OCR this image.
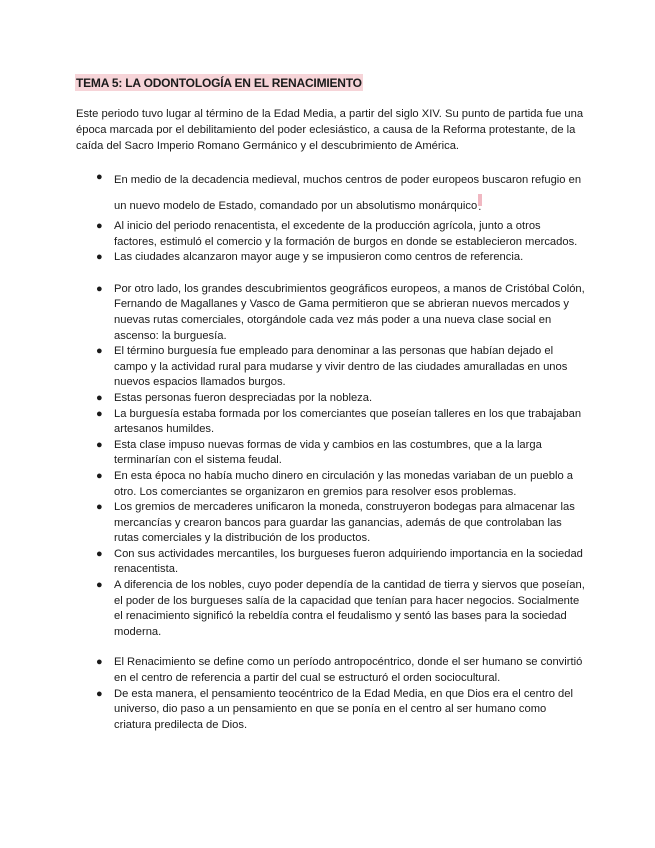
TEMA 5: LA ODONTOLOGÍA EN EL RENACIMIENTO

Este periodo tuvo lugar al término de la Edad Media, a partir del siglo XIV. Su punto de partida fue una época marcada por el debilitamiento del poder eclesiástico, a causa de la Reforma protestante, de la caída del Sacro Imperio Romano Germánico y el descubrimiento de América.

● En medio de la decadencia medieval, muchos centros de poder europeos buscaron refugio en un nuevo modelo de Estado, comandado por un absolutismo monárquico.
● Al inicio del periodo renacentista, el excedente de la producción agrícola, junto a otros factores, estimuló el comercio y la formación de burgos en donde se establecieron mercados.
● Las ciudades alcanzaron mayor auge y se impusieron como centros de referencia.
● Por otro lado, los grandes descubrimientos geográficos europeos, a manos de Cristóbal Colón, Fernando de Magallanes y Vasco de Gama permitieron que se abrieran nuevos mercados y nuevas rutas comerciales, otorgándole cada vez más poder a una nueva clase social en ascenso: la burguesía.
● El término burguesía fue empleado para denominar a las personas que habían dejado el campo y la actividad rural para mudarse y vivir dentro de las ciudades amuralladas en unos nuevos espacios llamados burgos.
● Estas personas fueron despreciadas por la nobleza.
● La burguesía estaba formada por los comerciantes que poseían talleres en los que trabajaban artesanos humildes.
● Esta clase impuso nuevas formas de vida y cambios en las costumbres, que a la larga terminarían con el sistema feudal.
● En esta época no había mucho dinero en circulación y las monedas variaban de un pueblo a otro. Los comerciantes se organizaron en gremios para resolver esos problemas.
● Los gremios de mercaderes unificaron la moneda, construyeron bodegas para almacenar las mercancías y crearon bancos para guardar las ganancias, además de que controlaban las rutas comerciales y la distribución de los productos.
● Con sus actividades mercantiles, los burgueses fueron adquiriendo importancia en la sociedad renacentista.
● A diferencia de los nobles, cuyo poder dependía de la cantidad de tierra y siervos que poseían, el poder de los burgueses salía de la capacidad que tenían para hacer negocios. Socialmente el renacimiento significó la rebeldía contra el feudalismo y sentó las bases para la sociedad moderna.
● El Renacimiento se define como un período antropocéntrico, donde el ser humano se convirtió en el centro de referencia a partir del cual se estructuró el orden sociocultural.
● De esta manera, el pensamiento teocéntrico de la Edad Media, en que Dios era el centro del universo, dio paso a un pensamiento en que se ponía en el centro al ser humano como criatura predilecta de Dios.
